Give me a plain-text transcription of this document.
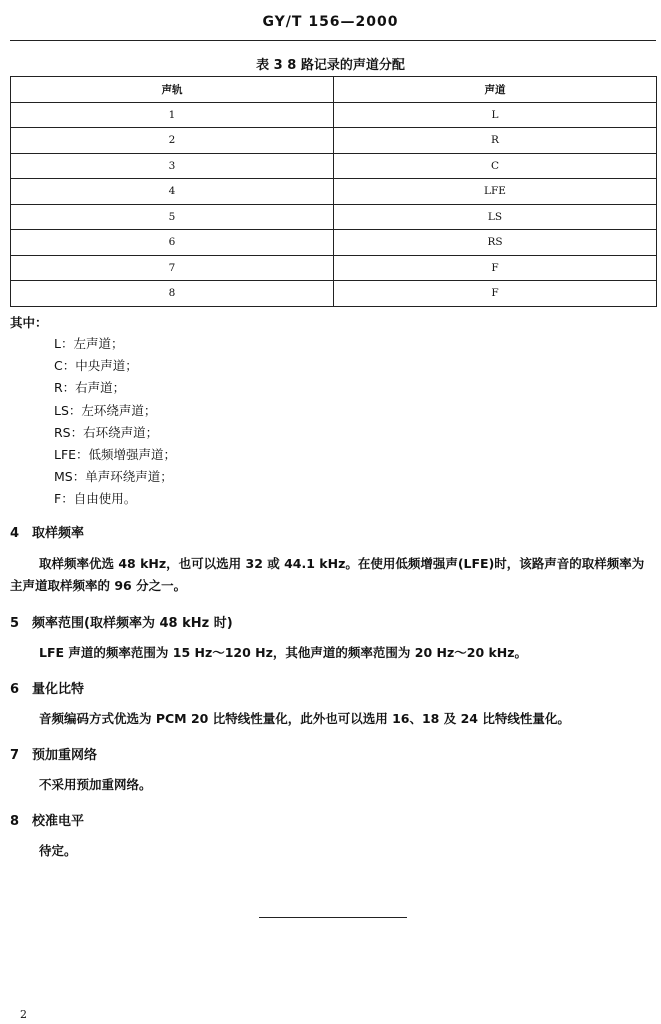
GY/T 156—2000
表 3 8 路记录的声道分配
声轨	声道
1	L
2	R
3	C
4	LFE
5	LS
6	RS
7	F
8	F
其中：
L：左声道；
C：中央声道；
R：右声道；
LS：左环绕声道；
RS：右环绕声道；
LFE：低频增强声道；
MS：单声环绕声道；
F：自由使用。
4 取样频率
取样频率优选 48 kHz，也可以选用 32 或 44.1 kHz。在使用低频增强声(LFE)时，该路声音的取样频率为主声道取样频率的 96 分之一。
5 频率范围(取样频率为 48 kHz 时)
LFE 声道的频率范围为 15 Hz～120 Hz，其他声道的频率范围为 20 Hz～20 kHz。
6 量化比特
音频编码方式优选为 PCM 20 比特线性量化，此外也可以选用 16、18 及 24 比特线性量化。
7 预加重网络
不采用预加重网络。
8 校准电平
待定。
2
